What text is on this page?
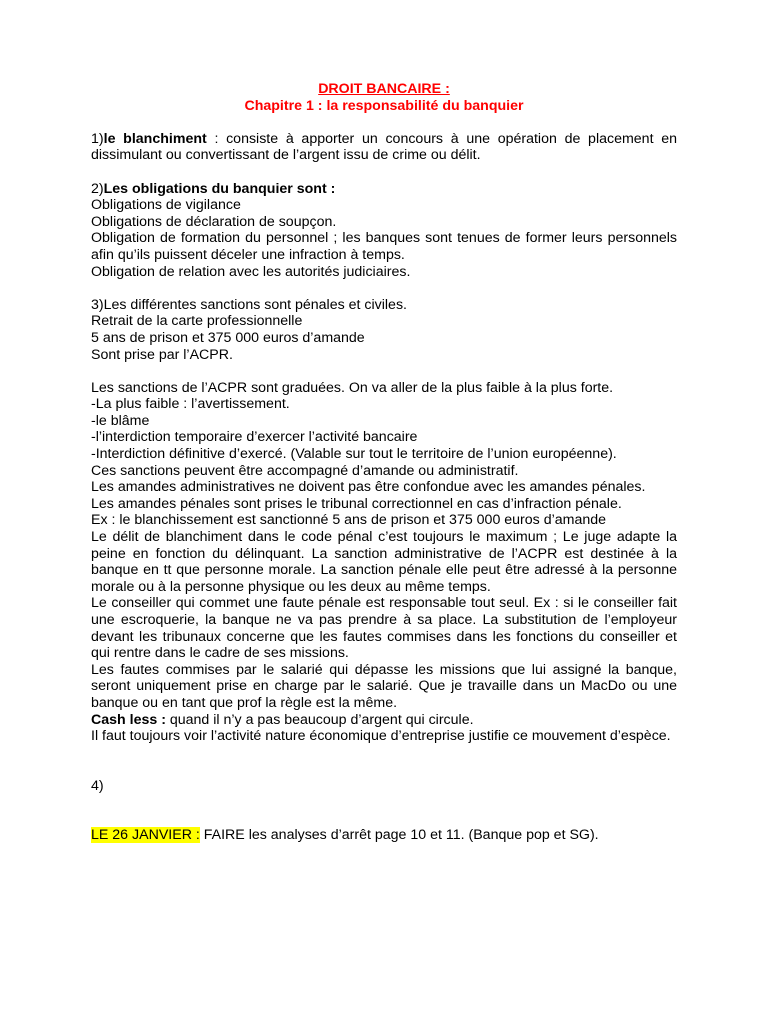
DROIT BANCAIRE :
Chapitre 1 : la responsabilité du banquier
1)le blanchiment : consiste à apporter un concours à une opération de placement en dissimulant ou convertissant de l’argent issu de crime ou délit.
2)Les obligations du banquier sont :
Obligations de vigilance
Obligations de déclaration de soupçon.
Obligation de formation du personnel ; les banques sont tenues de former leurs personnels afin qu’ils puissent déceler une infraction à temps.
Obligation de relation avec les autorités judiciaires.
3)Les différentes sanctions sont pénales et civiles.
Retrait de la carte professionnelle
5 ans de prison et 375 000 euros d’amande
Sont prise par l’ACPR.
Les sanctions de l’ACPR sont graduées. On va aller de la plus faible à la plus forte.
-La plus faible : l’avertissement.
-le blâme
-l’interdiction temporaire d’exercer l’activité bancaire
-Interdiction définitive d’exercé. (Valable sur tout le territoire de l’union européenne).
Ces sanctions peuvent être accompagné d’amande ou administratif.
Les amandes administratives ne doivent pas être confondue avec les amandes pénales.
Les amandes pénales sont prises le tribunal correctionnel en cas d’infraction pénale.
Ex : le blanchissement est sanctionné 5 ans de prison et 375 000 euros d’amande
Le délit de blanchiment dans le code pénal c’est toujours le maximum ; Le juge adapte la peine en fonction du délinquant. La sanction administrative de l’ACPR est destinée à la banque en tt que personne morale. La sanction pénale elle peut être adressé à la personne morale ou à la personne physique ou les deux au même temps.
Le conseiller qui commet une faute pénale est responsable tout seul. Ex : si le conseiller fait une escroquerie, la banque ne va pas prendre à sa place. La substitution de l’employeur devant les tribunaux concerne que les fautes commises dans les fonctions du conseiller et qui rentre dans le cadre de ses missions.
Les fautes commises par le salarié qui dépasse les missions que lui assigné la banque, seront uniquement prise en charge par le salarié. Que je travaille dans un MacDo ou une banque ou en tant que prof la règle est la même.
Cash less : quand il n’y a pas beaucoup d’argent qui circule.
Il faut toujours voir l’activité nature économique d’entreprise justifie ce mouvement d’espèce.
4)
LE 26 JANVIER : FAIRE les analyses d’arrêt page 10 et 11. (Banque pop et SG).
